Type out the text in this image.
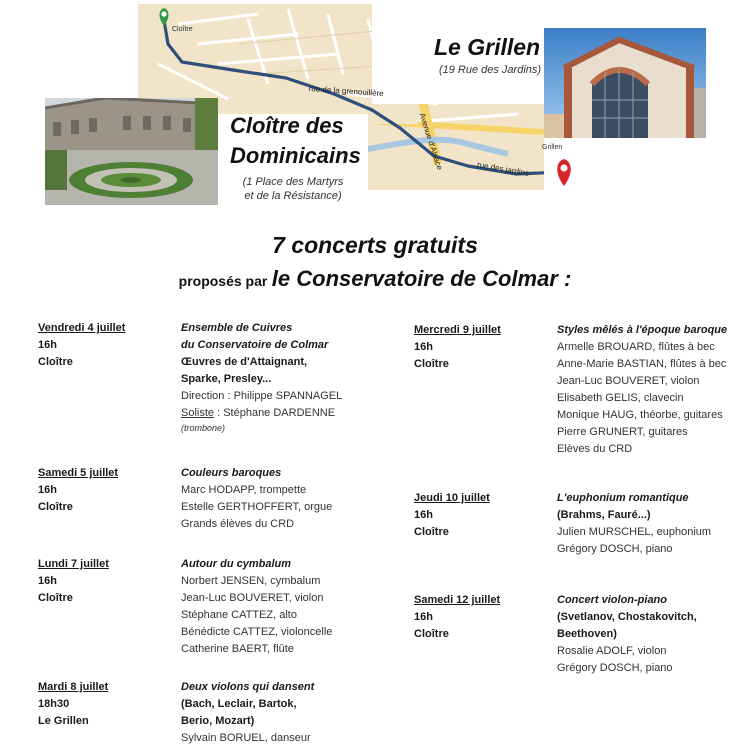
Cloître
rue de la grenouillère
Avenue d'Alsace	rue des jardins
Grillen
Le Grillen
(19 Rue des Jardins)
Cloître des
Dominicains
(1 Place des Martyrs
et de la Résistance)
7 concerts gratuits
proposés par le Conservatoire de Colmar :
Vendredi 4 juillet
16h
Cloître
Ensemble de Cuivres
du Conservatoire de Colmar
Œuvres de d'Attaignant,
Sparke, Presley...
Direction : Philippe SPANNAGEL
Soliste : Stéphane DARDENNE
(trombone)
Samedi 5 juillet
16h
Cloître
Couleurs baroques
Marc HODAPP, trompette
Estelle GERTHOFFERT, orgue
Grands élèves du CRD
Lundi 7 juillet
16h
Cloître
Autour du cymbalum
Norbert JENSEN, cymbalum
Jean-Luc BOUVERET, violon
Stéphane CATTEZ, alto
Bénédicte CATTEZ, violoncelle
Catherine BAERT, flûte
Mardi 8 juillet
18h30
Le Grillen
Deux violons qui dansent
(Bach, Leclair, Bartok,
Berio, Mozart)
Sylvain BORUEL, danseur
Mercredi 9 juillet
16h
Cloître
Styles mêlés à l'époque baroque
Armelle BROUARD, flûtes à bec
Anne-Marie BASTIAN, flûtes à bec
Jean-Luc BOUVERET, violon
Elisabeth GELIS, clavecin
Monique HAUG, théorbe, guitares
Pierre GRUNERT, guitares
Elèves du CRD
Jeudi 10 juillet
16h
Cloître
L'euphonium romantique
(Brahms, Fauré...)
Julien MURSCHEL, euphonium
Grégory DOSCH, piano
Samedi 12 juillet
16h
Cloître
Concert violon-piano
(Svetlanov, Chostakovitch,
Beethoven)
Rosalie ADOLF, violon
Grégory DOSCH, piano
